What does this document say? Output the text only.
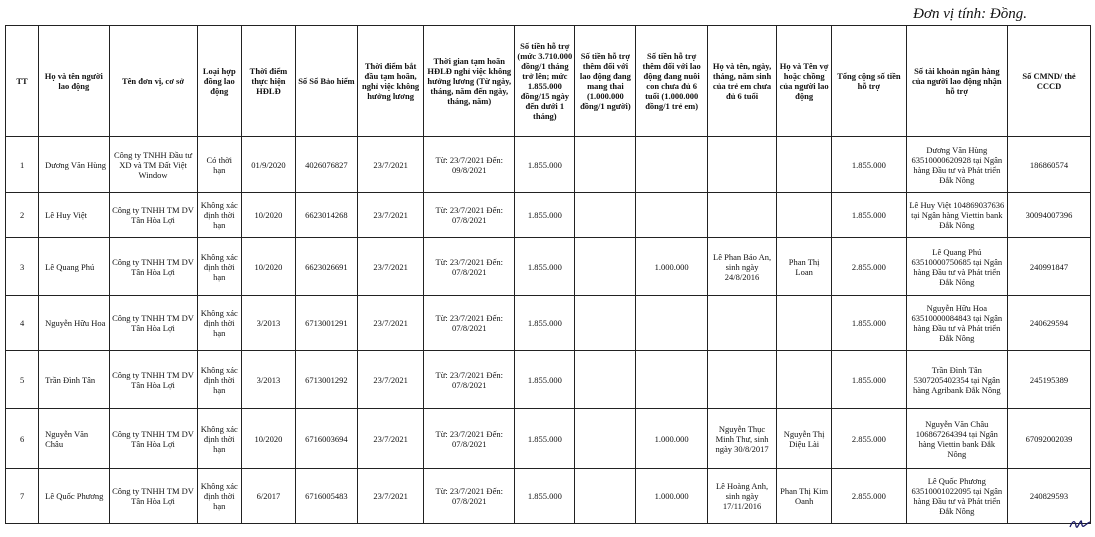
Đơn vị tính: Đồng.
TT	Họ và tên người lao động	Tên đơn vị, cơ sở	Loại hợp đồng lao động	Thời điểm thực hiện HĐLĐ	Số Sổ Bảo hiểm	Thời điểm bắt đầu tạm hoãn, nghỉ việc không hưởng lương	Thời gian tạm hoãn HĐLĐ nghỉ việc không hưởng lương (Từ ngày, tháng, năm đến ngày, tháng, năm)	Số tiền hỗ trợ (mức 3.710.000 đồng/1 tháng trở lên; mức 1.855.000 đồng/15 ngày đến dưới 1 tháng)	Số tiền hỗ trợ thêm đối với lao động đang mang thai (1.000.000 đồng/1 người)	Số tiền hỗ trợ thêm đối với lao động đang nuôi con chưa đủ 6 tuổi (1.000.000 đồng/1 trẻ em)	Họ và tên, ngày, tháng, năm sinh của trẻ em chưa đủ 6 tuổi	Họ và Tên vợ hoặc chồng của người lao động	Tổng cộng số tiền hỗ trợ	Số tài khoản ngân hàng của người lao động nhận hỗ trợ	Số CMND/ thẻ CCCD
1	Dương Văn Hùng	Công ty TNHH Đầu tư XD và TM Đất Việt Window	Có thời hạn	01/9/2020	4026076827	23/7/2021	Từ: 23/7/2021 Đến: 09/8/2021	1.855.000					1.855.000	Dương Văn Hùng 63510000620928 tại Ngân hàng Đầu tư và Phát triển Đắk Nông	186860574
2	Lê Huy Việt	Công ty TNHH TM DV Tân Hòa Lợi	Không xác định thời hạn	10/2020	6623014268	23/7/2021	Từ: 23/7/2021 Đến: 07/8/2021	1.855.000					1.855.000	Lê Huy Việt 104869037636 tại Ngân hàng Viettin bank Đắk Nông	30094007396
3	Lê Quang Phú	Công ty TNHH TM DV Tân Hòa Lợi	Không xác định thời hạn	10/2020	6623026691	23/7/2021	Từ: 23/7/2021 Đến: 07/8/2021	1.855.000		1.000.000	Lê Phan Bảo An, sinh ngày 24/8/2016	Phan Thị Loan	2.855.000	Lê Quang Phú 63510000750685 tại Ngân hàng Đầu tư và Phát triển Đắk Nông	240991847
4	Nguyễn Hữu Hoa	Công ty TNHH TM DV Tân Hòa Lợi	Không xác định thời hạn	3/2013	6713001291	23/7/2021	Từ: 23/7/2021 Đến: 07/8/2021	1.855.000					1.855.000	Nguyễn Hữu Hoa 63510000084843 tại Ngân hàng Đầu tư và Phát triển Đắk Nông	240629594
5	Trần Đình Tân	Công ty TNHH TM DV Tân Hòa Lợi	Không xác định thời hạn	3/2013	6713001292	23/7/2021	Từ: 23/7/2021 Đến: 07/8/2021	1.855.000					1.855.000	Trần Đình Tân 5307205402354 tại Ngân hàng Agribank Đắk Nông	245195389
6	Nguyễn Văn Châu	Công ty TNHH TM DV Tân Hòa Lợi	Không xác định thời hạn	10/2020	6716003694	23/7/2021	Từ: 23/7/2021 Đến: 07/8/2021	1.855.000		1.000.000	Nguyễn Thục Minh Thư, sinh ngày 30/8/2017	Nguyễn Thị Diệu Lài	2.855.000	Nguyễn Văn Châu 106867264394 tại Ngân hàng Viettin bank Đắk Nông	67092002039
7	Lê Quốc Phương	Công ty TNHH TM DV Tân Hòa Lợi	Không xác định thời hạn	6/2017	6716005483	23/7/2021	Từ: 23/7/2021 Đến: 07/8/2021	1.855.000		1.000.000	Lê Hoàng Anh, sinh ngày 17/11/2016	Phan Thị Kim Oanh	2.855.000	Lê Quốc Phương 63510001022095 tại Ngân hàng Đầu tư và Phát triển Đắk Nông	240829593
